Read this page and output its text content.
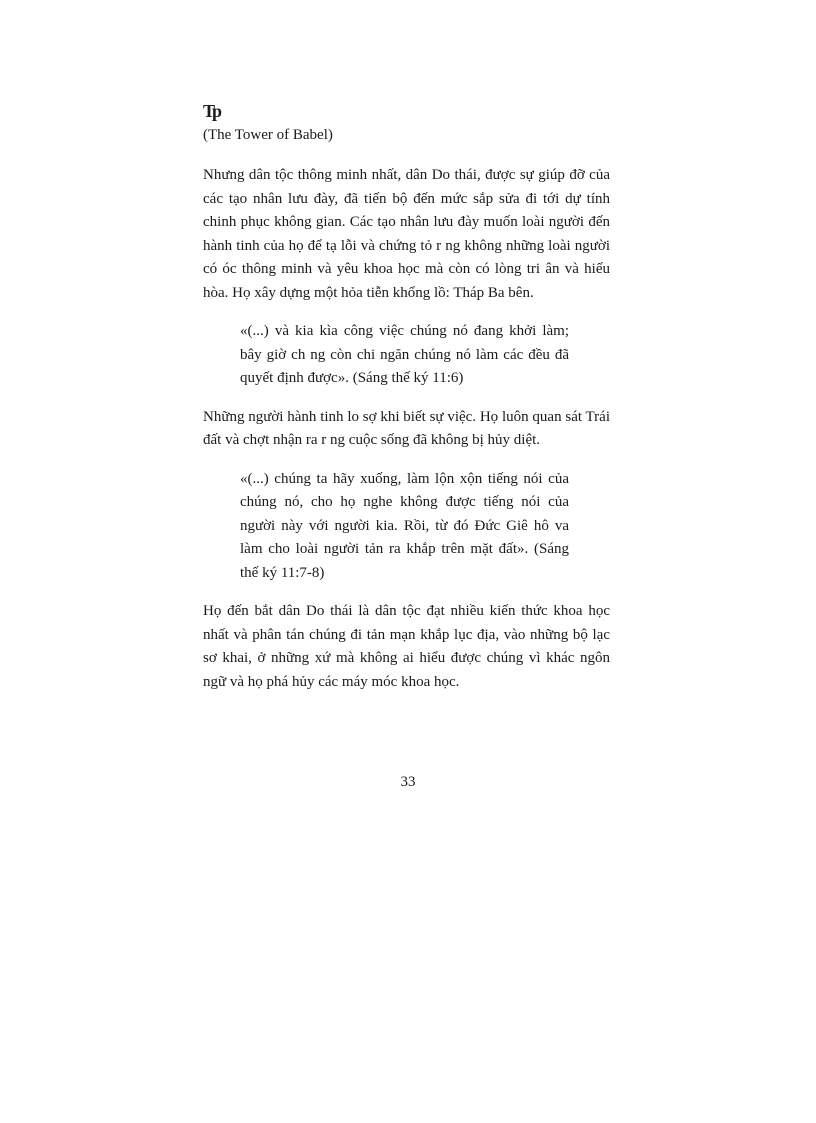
Tp
(The Tower of Babel)

Nhưng dân tộc thông minh nhất, dân Do thái, được sự giúp đỡ của các tạo nhân lưu đày, đã tiến bộ đến mức sắp sửa đi tới dự tính chinh phục không gian. Các tạo nhân lưu đày muốn loài người đến hành tinh của họ để tạ lỗi và chứng tỏ r ng không những loài người có óc thông minh và yêu khoa học mà còn có lòng tri ân và hiếu hòa. Họ xây dựng một hỏa tiễn khổng lồ: Tháp Ba bên.

«(...) và kia kìa công việc chúng nó đang khởi làm; bây giờ ch ng còn chi ngăn chúng nó làm các đều đã quyết định được». (Sáng thế ký 11:6)

Những người hành tinh lo sợ khi biết sự việc. Họ luôn quan sát Trái đất và chợt nhận ra r ng cuộc sống đã không bị hủy diệt.

«(...) chúng ta hãy xuống, làm lộn xộn tiếng nói của chúng nó, cho họ nghe không được tiếng nói của người này với người kia. Rồi, từ đó Đức Giê hô va làm cho loài người tản ra khắp trên mặt đất». (Sáng thế ký 11:7-8)

Họ đến bắt dân Do thái là dân tộc đạt nhiều kiến thức khoa học nhất và phân tán chúng đi tản mạn khắp lục địa, vào những bộ lạc sơ khai, ở những xứ mà không ai hiểu được chúng vì khác ngôn ngữ và họ phá hủy các máy móc khoa học.

33
